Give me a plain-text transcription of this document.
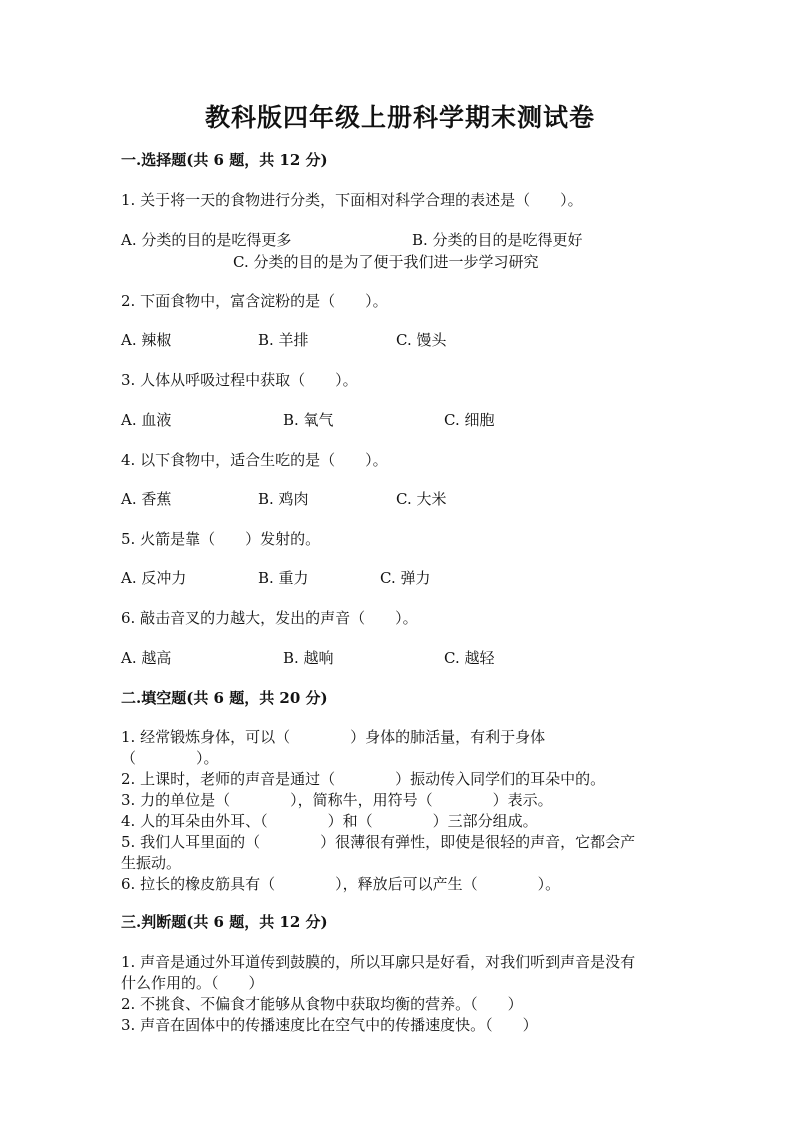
教科版四年级上册科学期末测试卷
一.选择题(共 6 题，共 12 分)
1. 关于将一天的食物进行分类，下面相对科学合理的表述是（　　）。
A. 分类的目的是吃得更多	B. 分类的目的是吃得更好
C. 分类的目的是为了便于我们进一步学习研究
2. 下面食物中，富含淀粉的是（　　）。
A. 辣椒	B. 羊排	C. 馒头
3. 人体从呼吸过程中获取（　　）。
A. 血液	B. 氧气	C. 细胞
4. 以下食物中，适合生吃的是（　　）。
A. 香蕉	B. 鸡肉	C. 大米
5. 火箭是靠（　　）发射的。
A. 反冲力	B. 重力	C. 弹力
6. 敲击音叉的力越大，发出的声音（　　）。
A. 越高	B. 越响	C. 越轻
二.填空题(共 6 题，共 20 分)
1. 经常锻炼身体，可以（　　　　）身体的肺活量，有利于身体
（　　　　）。
2. 上课时，老师的声音是通过（　　　　）振动传入同学们的耳朵中的。
3. 力的单位是（　　　　），简称牛，用符号（　　　　）表示。
4. 人的耳朵由外耳、（　　　　）和（　　　　）三部分组成。
5. 我们人耳里面的（　　　　）很薄很有弹性，即使是很轻的声音，它都会产
生振动。
6. 拉长的橡皮筋具有（　　　　），释放后可以产生（　　　　）。
三.判断题(共 6 题，共 12 分)
1. 声音是通过外耳道传到鼓膜的，所以耳廓只是好看，对我们听到声音是没有
什么作用的。（　　）
2. 不挑食、不偏食才能够从食物中获取均衡的营养。（　　）
3. 声音在固体中的传播速度比在空气中的传播速度快。（　　）
